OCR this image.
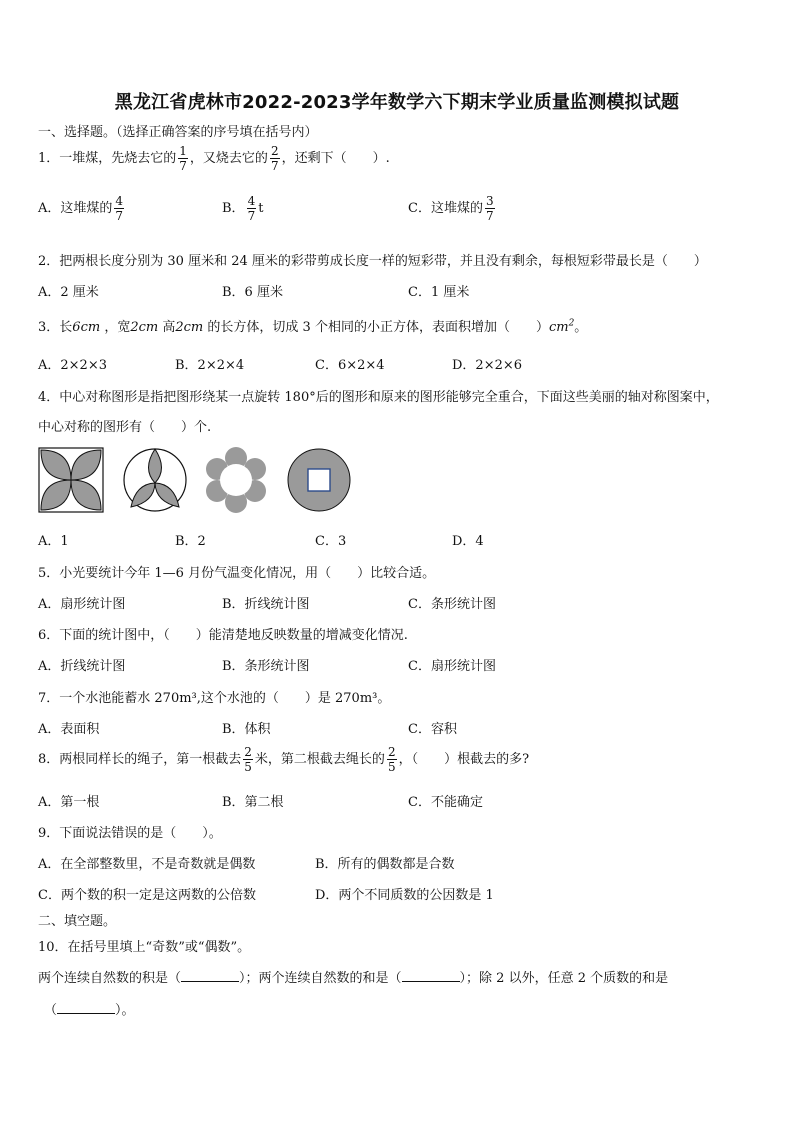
黑龙江省虎林市2022-2023学年数学六下期末学业质量监测模拟试题
一、选择题。（选择正确答案的序号填在括号内）
1．一堆煤，先烧去它的 $\frac{1}{7}$ ，又烧去它的 $\frac{2}{7}$ ，还剩下（　　）.
A．这堆煤的 $\frac{4}{7}$	B． $\frac{4}{7}$ t	C．这堆煤的 $\frac{3}{7}$
2．把两根长度分别为 30 厘米和 24 厘米的彩带剪成长度一样的短彩带，并且没有剩余，每根短彩带最长是（　　）
A．2 厘米	B．6 厘米	C．1 厘米
3．长6cm ，宽2cm 高2cm 的长方体，切成 3 个相同的小正方体，表面积增加（　　）$cm^2$。
A．2×2×3	B．2×2×4	C．6×2×4	D．2×2×6
4．中心对称图形是指把图形绕某一点旋转 180°后的图形和原来的图形能够完全重合，下面这些美丽的轴对称图案中，
中心对称的图形有（　　）个.
A．1	B．2	C．3	D．4
5．小光要统计今年 1—6 月份气温变化情况，用（　　）比较合适。
A．扇形统计图	B．折线统计图	C．条形统计图
6．下面的统计图中，（　　）能清楚地反映数量的增减变化情况.
A．折线统计图	B．条形统计图	C．扇形统计图
7．一个水池能蓄水 270m³,这个水池的（　　）是 270m³。
A．表面积	B．体积	C．容积
8．两根同样长的绳子，第一根截去 $\frac{2}{5}$ 米，第二根截去绳长的 $\frac{2}{5}$ ，（　　）根截去的多?
A．第一根	B．第二根	C．不能确定
9．下面说法错误的是（　　）。
A．在全部整数里，不是奇数就是偶数	B．所有的偶数都是合数
C．两个数的积一定是这两数的公倍数	D．两个不同质数的公因数是 1
二、填空题。
10．在括号里填上“奇数”或“偶数”。
两个连续自然数的积是（	）；两个连续自然数的和是（	）；除 2 以外，任意 2 个质数的和是
（	）。
